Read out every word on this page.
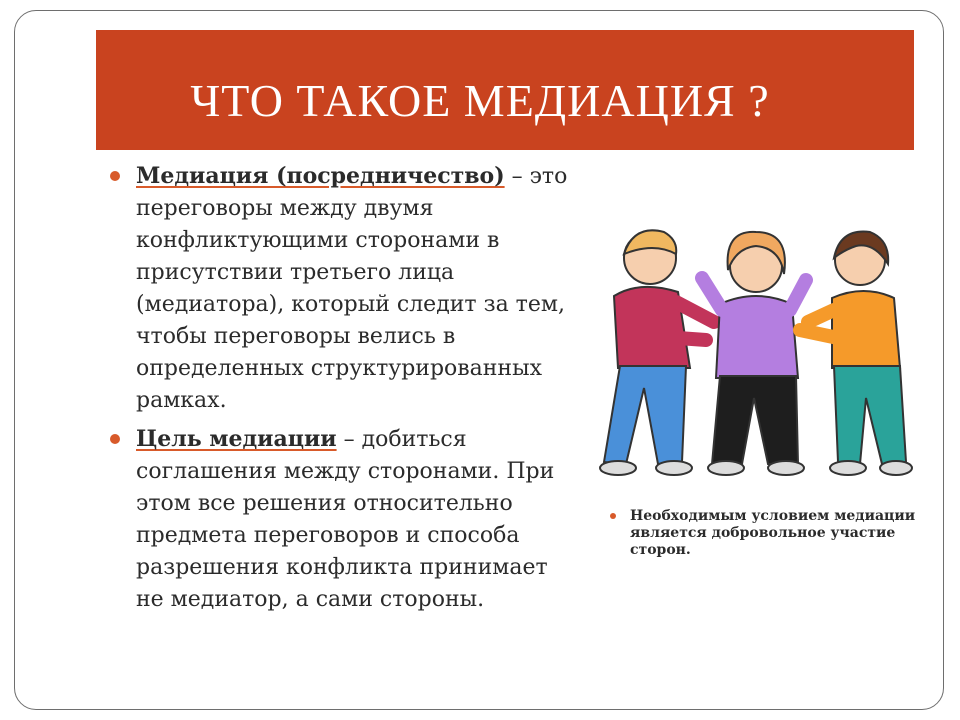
ЧТО ТАКОЕ МЕДИАЦИЯ ?
Медиация (посредничество) – это переговоры между двумя конфликтующими сторонами в присутствии третьего лица (медиатора), который следит за тем, чтобы переговоры велись в определенных структурированных рамках.
Цель медиации – добиться соглашения между сторонами. При этом все решения относительно предмета переговоров и способа разрешения конфликта принимает не медиатор, а сами стороны.
Необходимым условием медиации является добровольное участие сторон.
